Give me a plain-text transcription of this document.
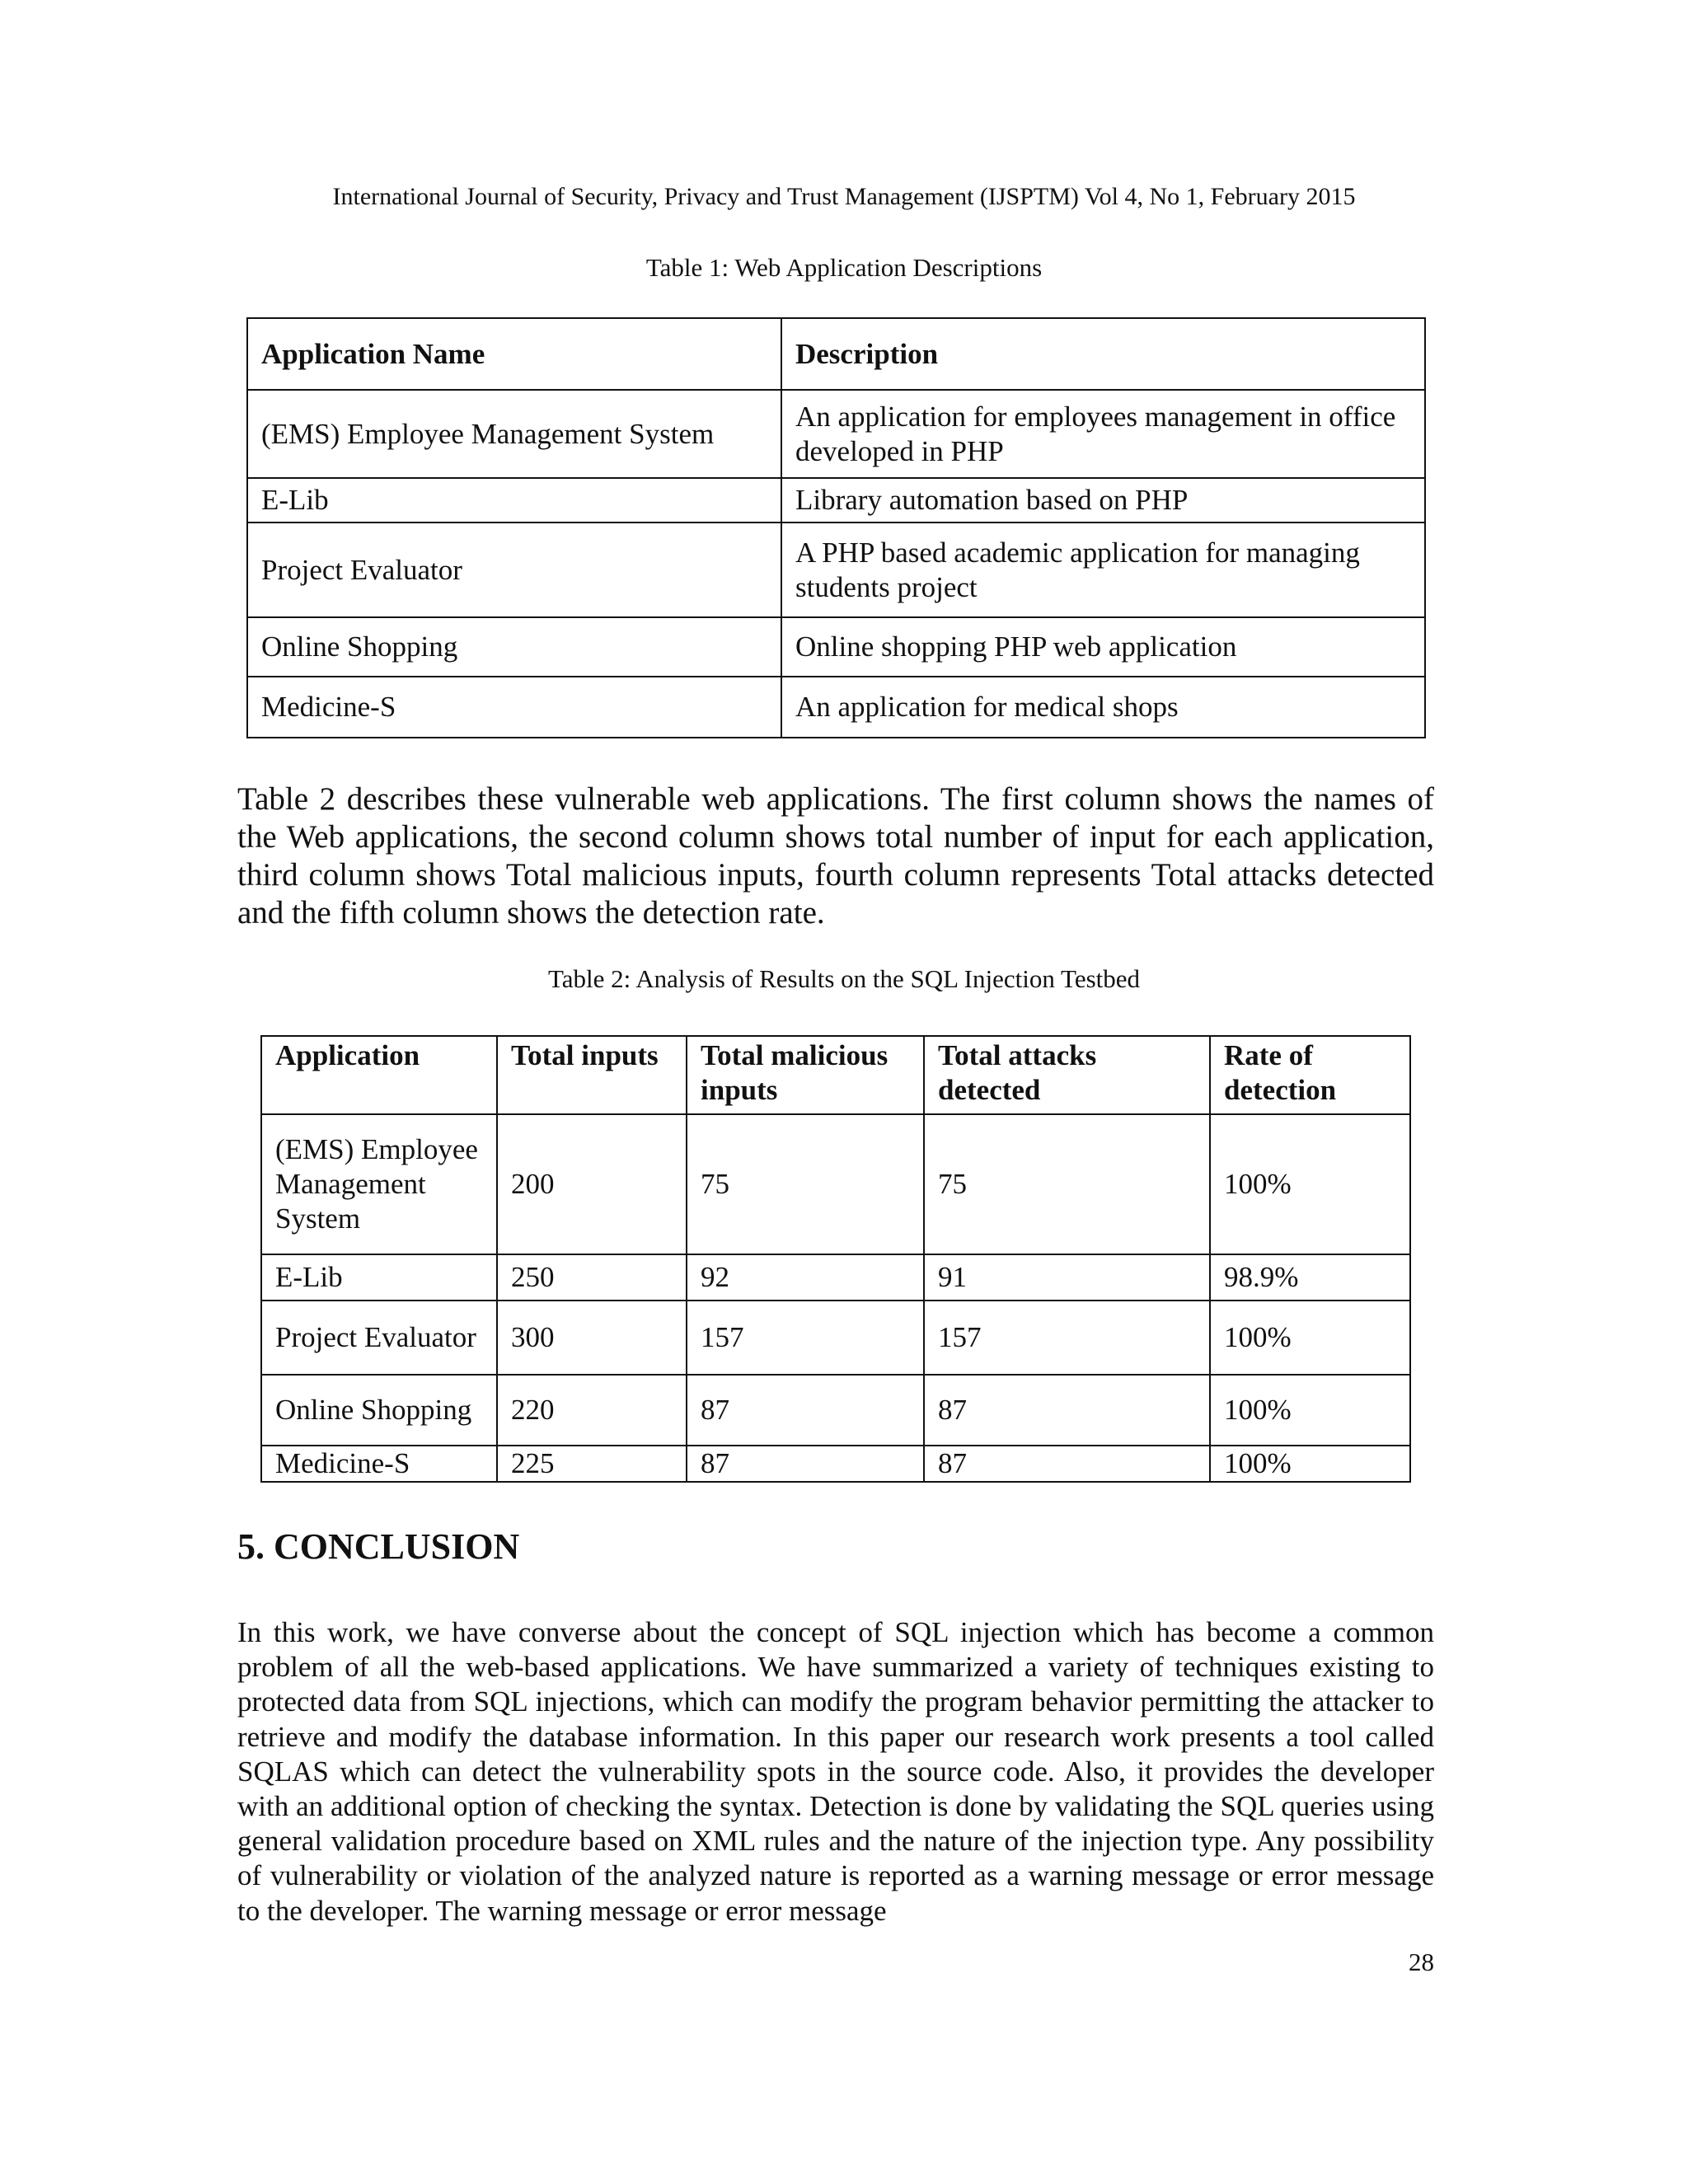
International Journal of Security, Privacy and Trust Management (IJSPTM) Vol 4, No 1, February 2015
Table 1: Web Application Descriptions
Application Name	Description
(EMS) Employee Management System	An application for employees management in office developed in PHP
E-Lib	Library automation based on PHP
Project Evaluator	A PHP based academic application for managing students project
Online Shopping	Online shopping PHP web application
Medicine-S	An application for medical shops

Table 2 describes these vulnerable web applications. The first column shows the names of the Web applications, the second column shows total number of input for each application, third column shows Total malicious inputs, fourth column represents Total attacks detected and the fifth column shows the detection rate.

Table 2: Analysis of Results on the SQL Injection Testbed
Application	Total inputs	Total malicious inputs	Total attacks detected	Rate of detection
(EMS) Employee Management System	200	75	75	100%
E-Lib	250	92	91	98.9%
Project Evaluator	300	157	157	100%
Online Shopping	220	87	87	100%
Medicine-S	225	87	87	100%
5. CONCLUSION

In this work, we have converse about the concept of SQL injection which has become a common problem of all the web-based applications. We have summarized a variety of techniques existing to protected data from SQL injections, which can modify the program behavior permitting the attacker to retrieve and modify the database information. In this paper our research work presents a tool called SQLAS which can detect the vulnerability spots in the source code. Also, it provides the developer with an additional option of checking the syntax. Detection is done by validating the SQL queries using general validation procedure based on XML rules and the nature of the injection type. Any possibility of vulnerability or violation of the analyzed nature is reported as a warning message or error message to the developer. The warning message or error message

28
